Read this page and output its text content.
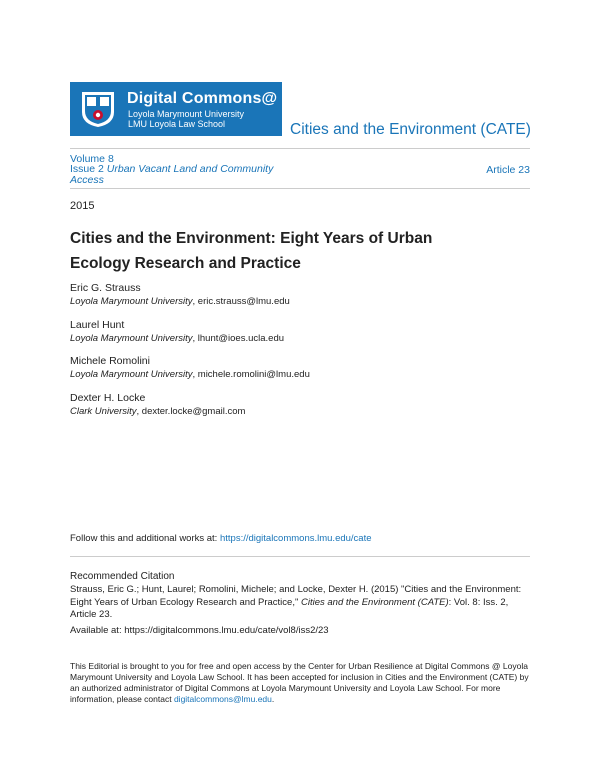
Digital Commons@
Loyola Marymount University
LMU Loyola Law School	Cities and the Environment (CATE)
Volume 8
Issue 2 Urban Vacant Land and Community Access
Article 23
2015
Cities and the Environment: Eight Years of Urban Ecology Research and Practice
Eric G. Strauss
Loyola Marymount University, eric.strauss@lmu.edu
Laurel Hunt
Loyola Marymount University, lhunt@ioes.ucla.edu
Michele Romolini
Loyola Marymount University, michele.romolini@lmu.edu
Dexter H. Locke
Clark University, dexter.locke@gmail.com
Follow this and additional works at: https://digitalcommons.lmu.edu/cate
Recommended Citation
Strauss, Eric G.; Hunt, Laurel; Romolini, Michele; and Locke, Dexter H. (2015) "Cities and the Environment: Eight Years of Urban Ecology Research and Practice," Cities and the Environment (CATE): Vol. 8: Iss. 2, Article 23.
Available at: https://digitalcommons.lmu.edu/cate/vol8/iss2/23
This Editorial is brought to you for free and open access by the Center for Urban Resilience at Digital Commons @ Loyola Marymount University and Loyola Law School. It has been accepted for inclusion in Cities and the Environment (CATE) by an authorized administrator of Digital Commons at Loyola Marymount University and Loyola Law School. For more information, please contact digitalcommons@lmu.edu.
